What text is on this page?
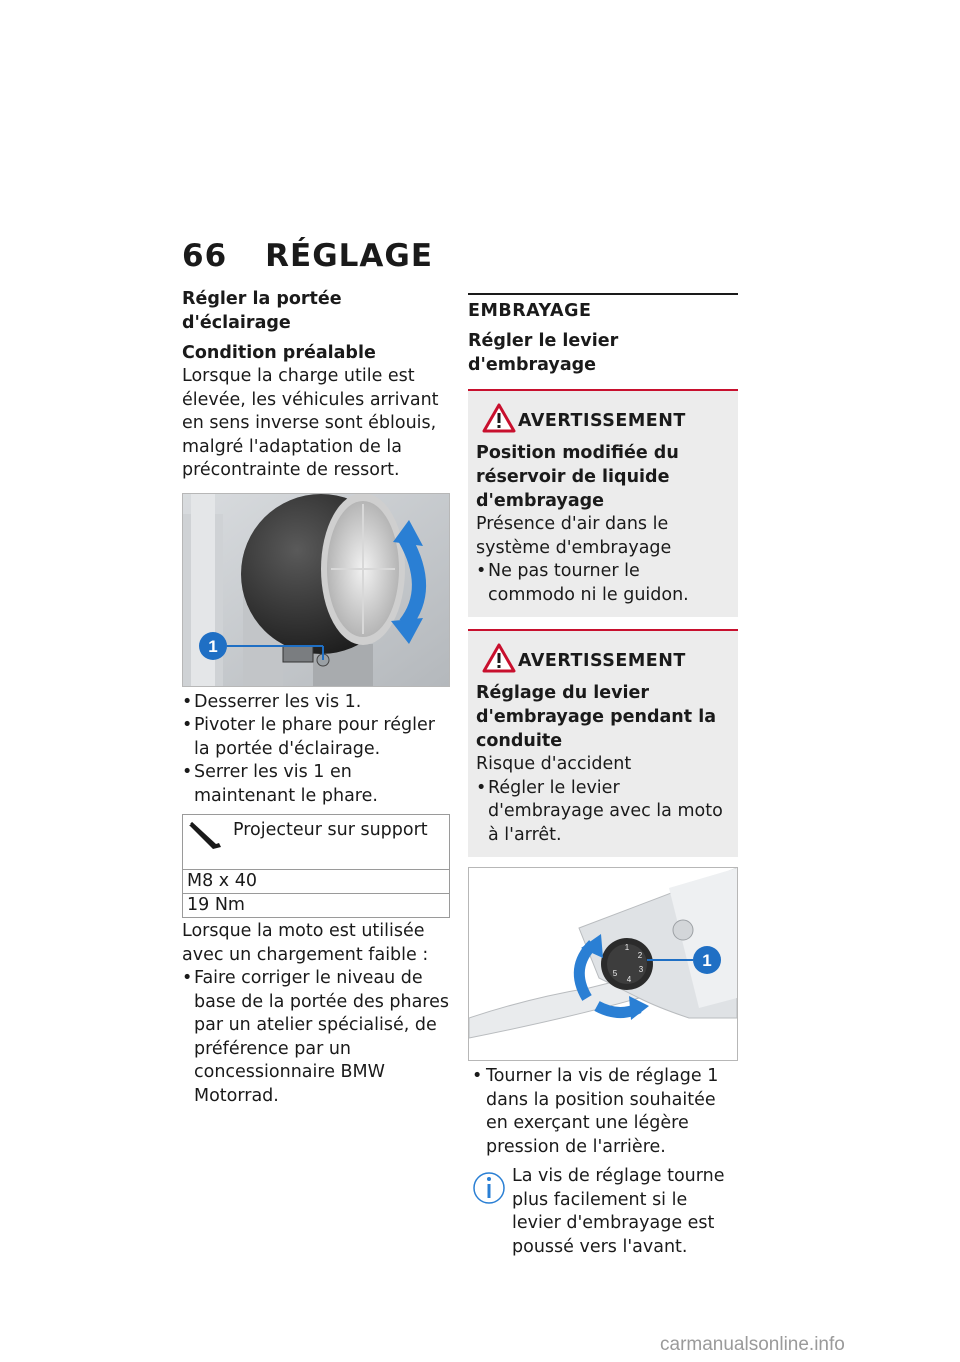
66 RÉGLAGE
Régler la portée d'éclairage
Condition préalable
Lorsque la charge utile est élevée, les véhicules arrivant en sens inverse sont éblouis, malgré l'adaptation de la précontrainte de ressort.
1
• Desserrer les vis 1.
• Pivoter le phare pour régler la portée d'éclairage.
• Serrer les vis 1 en maintenant le phare.
Projecteur sur support
M8 x 40
19 Nm
Lorsque la moto est utilisée avec un chargement faible :
• Faire corriger le niveau de base de la portée des phares par un atelier spécialisé, de préférence par un concessionnaire BMW Motorrad.
EMBRAYAGE
Régler le levier d'embrayage
AVERTISSEMENT
Position modifiée du réservoir de liquide d'embrayage
Présence d'air dans le système d'embrayage
• Ne pas tourner le commodo ni le guidon.
AVERTISSEMENT
Réglage du levier d'embrayage pendant la conduite
Risque d'accident
• Régler le levier d'embrayage avec la moto à l'arrêt.
1
2
3
4
5
1
• Tourner la vis de réglage 1 dans la position souhaitée en exerçant une légère pression de l'arrière.
La vis de réglage tourne plus facilement si le levier d'embrayage est poussé vers l'avant.
carmanualsonline.info
